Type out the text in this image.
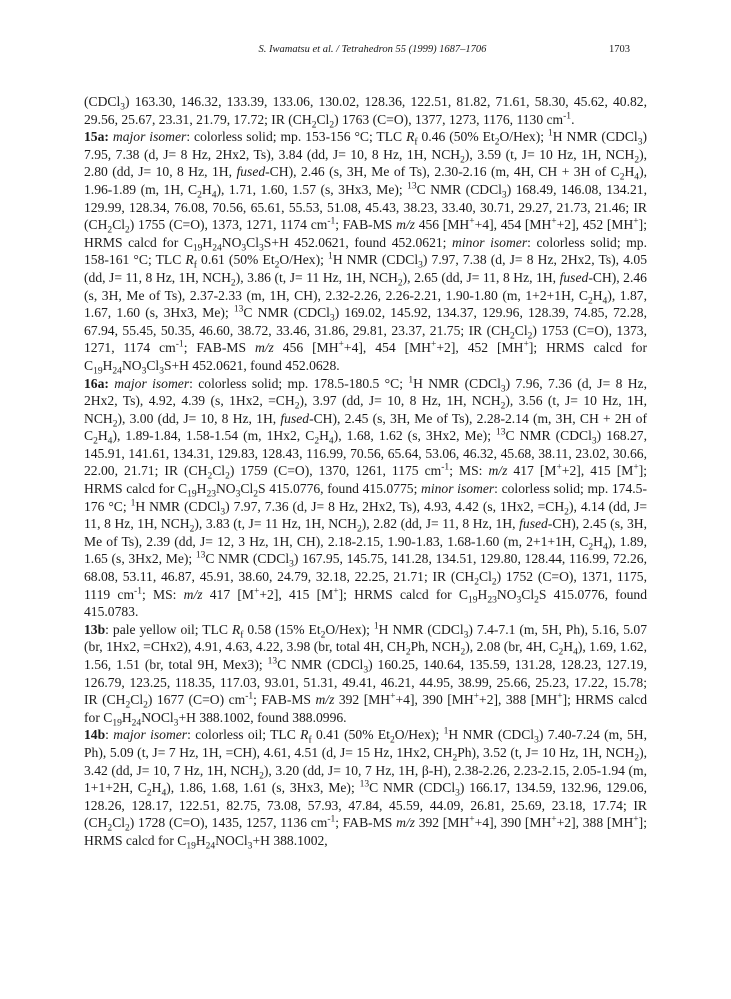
S. Iwamatsu et al. / Tetrahedron 55 (1999) 1687–1706	1703

(CDCl$_3$) 163.30, 146.32, 133.39, 133.06, 130.02, 128.36, 122.51, 81.82, 71.61, 58.30, 45.62, 40.82, 29.56, 25.67, 23.31, 21.79, 17.72; IR $(CH_2Cl_2)$ 1763 (C=O), 1377, 1273, 1176, 1130 $cm^{-1}$.

15a: major isomer: colorless solid; mp. 153-156 °C; TLC $R_f$ 0.46 (50% $Et_2O/Hex$); $^1$H NMR (CDCl$_3$) 7.95, 7.38 (d, J= 8 Hz, 2Hx2, Ts), 3.84 (dd, J= 10, 8 Hz, 1H, $NCH_2$), 3.59 (t, J= 10 Hz, 1H, $NCH_2$), 2.80 (dd, J= 10, 8 Hz, 1H, fused-CH), 2.46 (s, 3H, Me of Ts), 2.30-2.16 (m, 4H, CH + 3H of $C_2H_4$), 1.96-1.89 (m, 1H, $C_2H_4$), 1.71, 1.60, 1.57 (s, 3Hx3, Me); $^{13}$C NMR (CDCl$_3$) 168.49, 146.08, 134.21, 129.99, 128.34, 76.08, 70.56, 65.61, 55.53, 51.08, 45.43, 38.23, 33.40, 30.71, 29.27, 21.73, 21.46; IR $(CH_2Cl_2)$ 1755 (C=O), 1373, 1271, 1174 $cm^{-1}$; FAB-MS m/z 456 [MH++4], 454 [MH++2], 452 [MH+]; HRMS calcd for $C_{19}H_{24}NO_3Cl_3S+H$ 452.0621, found 452.0621; minor isomer: colorless solid; mp. 158-161 °C; TLC $R_f$ 0.61 (50% $Et_2O/Hex$); $^1$H NMR (CDCl$_3$) 7.97, 7.38 (d, J= 8 Hz, 2Hx2, Ts), 4.05 (dd, J= 11, 8 Hz, 1H, $NCH_2$), 3.86 (t, J= 11 Hz, 1H, $NCH_2$), 2.65 (dd, J= 11, 8 Hz, 1H, fused-CH), 2.46 (s, 3H, Me of Ts), 2.37-2.33 (m, 1H, CH), 2.32-2.26, 2.26-2.21, 1.90-1.80 (m, 1+2+1H, $C_2H_4$), 1.87, 1.67, 1.60 (s, 3Hx3, Me); $^{13}$C NMR (CDCl$_3$) 169.02, 145.92, 134.37, 129.96, 128.39, 74.85, 72.28, 67.94, 55.45, 50.35, 46.60, 38.72, 33.46, 31.86, 29.81, 23.37, 21.75; IR $(CH_2Cl_2)$ 1753 (C=O), 1373, 1271, 1174 $cm^{-1}$; FAB-MS m/z 456 [MH++4], 454 [MH++2], 452 [MH+]; HRMS calcd for $C_{19}H_{24}NO_3Cl_3S+H$ 452.0621, found 452.0628.

16a: major isomer: colorless solid; mp. 178.5-180.5 °C; $^1$H NMR (CDCl$_3$) 7.96, 7.36 (d, J= 8 Hz, 2Hx2, Ts), 4.92, 4.39 (s, 1Hx2, $=CH_2$), 3.97 (dd, J= 10, 8 Hz, 1H, $NCH_2$), 3.56 (t, J= 10 Hz, 1H, $NCH_2$), 3.00 (dd, J= 10, 8 Hz, 1H, fused-CH), 2.45 (s, 3H, Me of Ts), 2.28-2.14 (m, 3H, CH + 2H of $C_2H_4$), 1.89-1.84, 1.58-1.54 (m, 1Hx2, $C_2H_4$), 1.68, 1.62 (s, 3Hx2, Me); $^{13}$C NMR (CDCl$_3$) 168.27, 145.91, 141.61, 134.31, 129.83, 128.43, 116.99, 70.56, 65.64, 53.06, 46.32, 45.68, 38.11, 23.02, 30.66, 22.00, 21.71; IR $(CH_2Cl_2)$ 1759 (C=O), 1370, 1261, 1175 $cm^{-1}$; MS: m/z 417 [M++2], 415 [M+]; HRMS calcd for $C_{19}H_{23}NO_3Cl_2S$ 415.0776, found 415.0775; minor isomer: colorless solid; mp. 174.5-176 °C; $^1$H NMR (CDCl$_3$) 7.97, 7.36 (d, J= 8 Hz, 2Hx2, Ts), 4.93, 4.42 (s, 1Hx2, $=CH_2$), 4.14 (dd, J= 11, 8 Hz, 1H, $NCH_2$), 3.83 (t, J= 11 Hz, 1H, $NCH_2$), 2.82 (dd, J= 11, 8 Hz, 1H, fused-CH), 2.45 (s, 3H, Me of Ts), 2.39 (dd, J= 12, 3 Hz, 1H, CH), 2.18-2.15, 1.90-1.83, 1.68-1.60 (m, 2+1+1H, $C_2H_4$), 1.89, 1.65 (s, 3Hx2, Me); $^{13}$C NMR (CDCl$_3$) 167.95, 145.75, 141.28, 134.51, 129.80, 128.44, 116.99, 72.26, 68.08, 53.11, 46.87, 45.91, 38.60, 24.79, 32.18, 22.25, 21.71; IR $(CH_2Cl_2)$ 1752 (C=O), 1371, 1175, 1119 $cm^{-1}$; MS: m/z 417 [M++2], 415 [M+]; HRMS calcd for $C_{19}H_{23}NO_3Cl_2S$ 415.0776, found 415.0783.

13b: pale yellow oil; TLC $R_f$ 0.58 (15% $Et_2O/Hex$); $^1$H NMR (CDCl$_3$) 7.4-7.1 (m, 5H, Ph), 5.16, 5.07 (br, 1Hx2, =CHx2), 4.91, 4.63, 4.22, 3.98 (br, total 4H, $CH_2Ph$, $NCH_2$), 2.08 (br, 4H, $C_2H_4$), 1.69, 1.62, 1.56, 1.51 (br, total 9H, Mex3); $^{13}$C NMR (CDCl$_3$) 160.25, 140.64, 135.59, 131.28, 128.23, 127.19, 126.79, 123.25, 118.35, 117.03, 93.01, 51.31, 49.41, 46.21, 44.95, 38.99, 25.66, 25.23, 17.22, 15.78; IR $(CH_2Cl_2)$ 1677 (C=O) $cm^{-1}$; FAB-MS m/z 392 [MH++4], 390 [MH++2], 388 [MH+]; HRMS calcd for $C_{19}H_{24}NOCl_3+H$ 388.1002, found 388.0996.

14b: major isomer: colorless oil; TLC $R_f$ 0.41 (50% $Et_2O/Hex$); $^1$H NMR (CDCl$_3$) 7.40-7.24 (m, 5H, Ph), 5.09 (t, J= 7 Hz, 1H, =CH), 4.61, 4.51 (d, J= 15 Hz, 1Hx2, $CH_2Ph$), 3.52 (t, J= 10 Hz, 1H, $NCH_2$), 3.42 (dd, J= 10, 7 Hz, 1H, $NCH_2$), 3.20 (dd, J= 10, 7 Hz, 1H, β-H), 2.38-2.26, 2.23-2.15, 2.05-1.94 (m, 1+1+2H, $C_2H_4$), 1.86, 1.68, 1.61 (s, 3Hx3, Me); $^{13}$C NMR (CDCl$_3$) 166.17, 134.59, 132.96, 129.06, 128.26, 128.17, 122.51, 82.75, 73.08, 57.93, 47.84, 45.59, 44.09, 26.81, 25.69, 23.18, 17.74; IR $(CH_2Cl_2)$ 1728 (C=O), 1435, 1257, 1136 $cm^{-1}$; FAB-MS m/z 392 [MH++4], 390 [MH++2], 388 [MH+]; HRMS calcd for $C_{19}H_{24}NOCl_3+H$ 388.1002,
